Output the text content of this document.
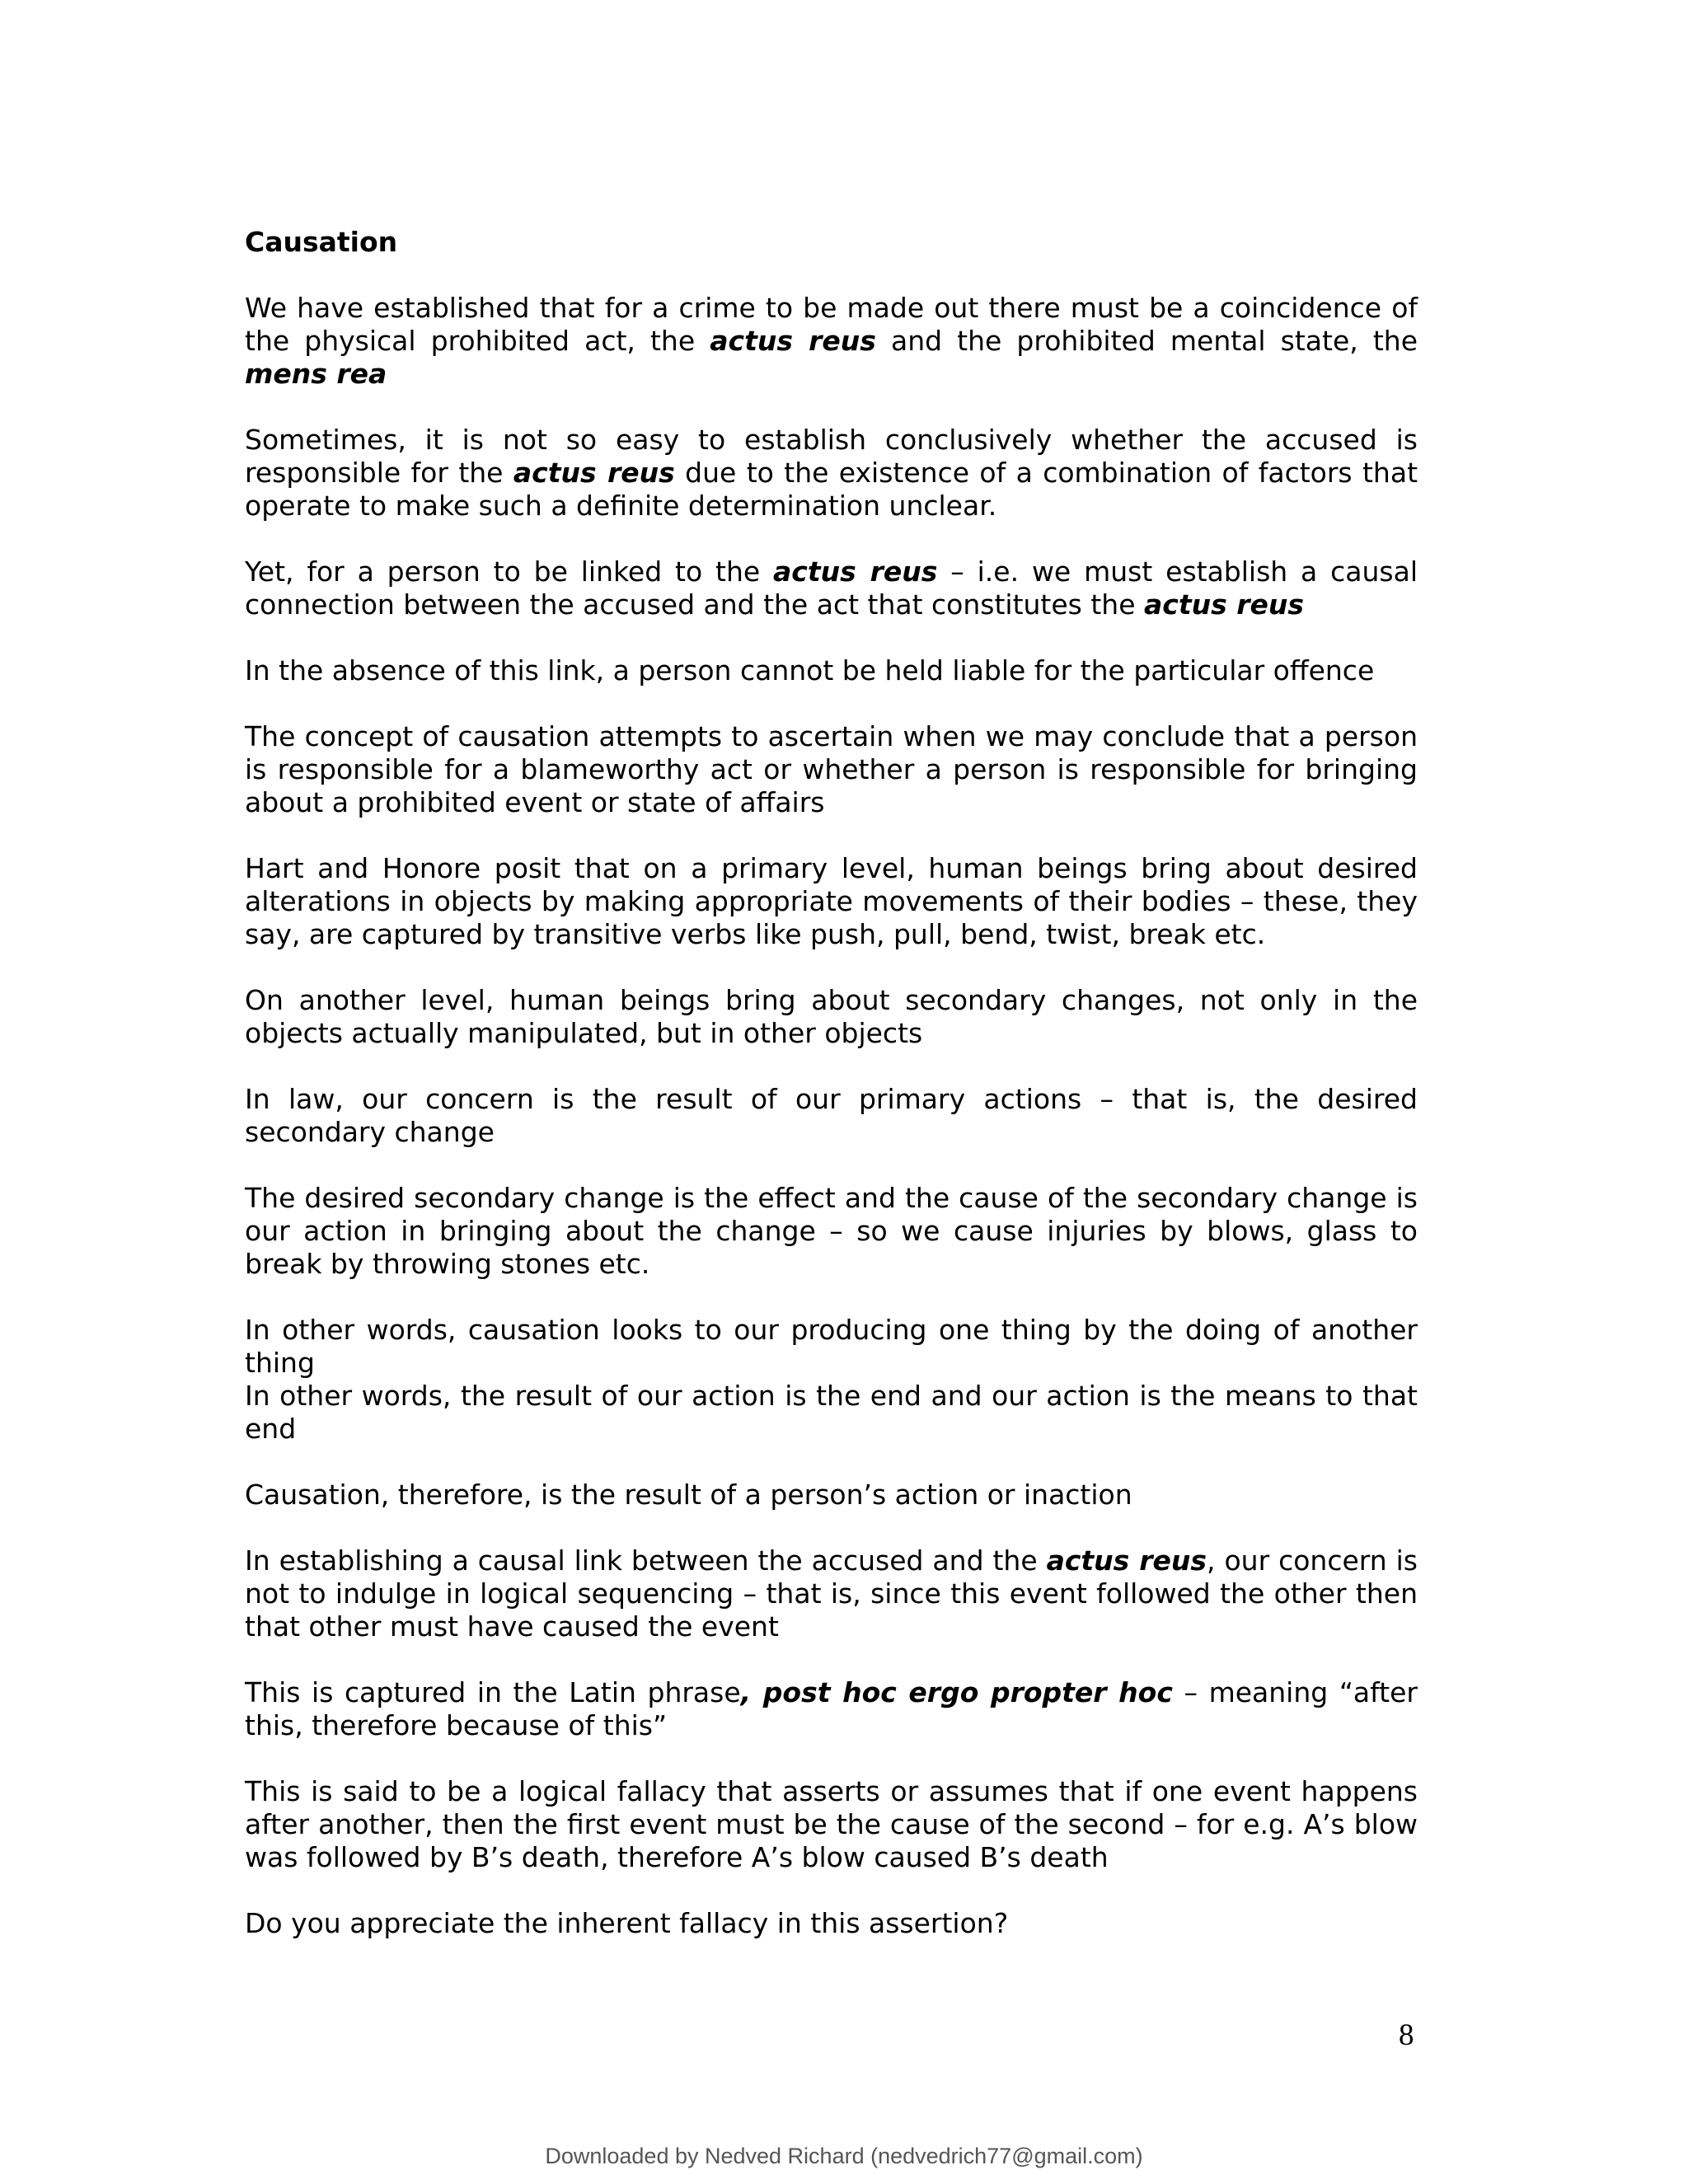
Causation

We have established that for a crime to be made out there must be a coincidence of the physical prohibited act, the actus reus and the prohibited mental state, the mens rea

Sometimes, it is not so easy to establish conclusively whether the accused is responsible for the actus reus due to the existence of a combination of factors that operate to make such a definite determination unclear.

Yet, for a person to be linked to the actus reus – i.e. we must establish a causal connection between the accused and the act that constitutes the actus reus

In the absence of this link, a person cannot be held liable for the particular offence

The concept of causation attempts to ascertain when we may conclude that a person is responsible for a blameworthy act or whether a person is responsible for bringing about a prohibited event or state of affairs

Hart and Honore posit that on a primary level, human beings bring about desired alterations in objects by making appropriate movements of their bodies – these, they say, are captured by transitive verbs like push, pull, bend, twist, break etc.

On another level, human beings bring about secondary changes, not only in the objects actually manipulated, but in other objects

In law, our concern is the result of our primary actions – that is, the desired secondary change

The desired secondary change is the effect and the cause of the secondary change is our action in bringing about the change – so we cause injuries by blows, glass to break by throwing stones etc.

In other words, causation looks to our producing one thing by the doing of another thing

In other words, the result of our action is the end and our action is the means to that end

Causation, therefore, is the result of a person’s action or inaction

In establishing a causal link between the accused and the actus reus, our concern is not to indulge in logical sequencing – that is, since this event followed the other then that other must have caused the event

This is captured in the Latin phrase, post hoc ergo propter hoc – meaning “after this, therefore because of this”

This is said to be a logical fallacy that asserts or assumes that if one event happens after another, then the first event must be the cause of the second – for e.g. A’s blow was followed by B’s death, therefore A’s blow caused B’s death

Do you appreciate the inherent fallacy in this assertion?

8
Downloaded by Nedved Richard (nedvedrich77@gmail.com)
